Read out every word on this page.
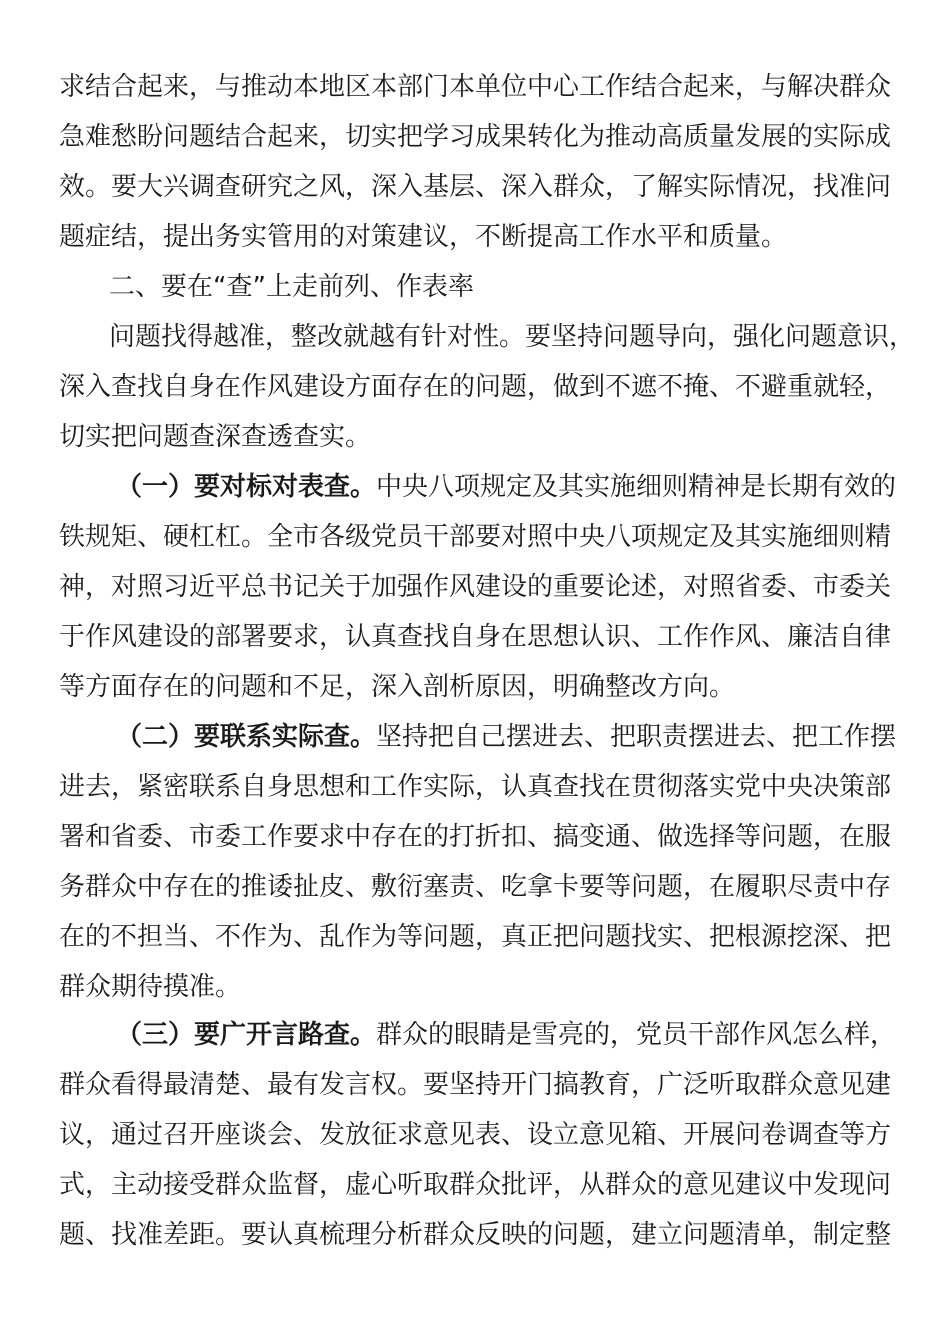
求结合起来，与推动本地区本部门本单位中心工作结合起来，与解决群众
急难愁盼问题结合起来，切实把学习成果转化为推动高质量发展的实际成
效。要大兴调查研究之风，深入基层、深入群众，了解实际情况，找准问
题症结，提出务实管用的对策建议，不断提高工作水平和质量。
二、要在“查”上走前列、作表率
问题找得越准，整改就越有针对性。要坚持问题导向，强化问题意识，
深入查找自身在作风建设方面存在的问题，做到不遮不掩、不避重就轻，
切实把问题查深查透查实。
（一）要对标对表查。中央八项规定及其实施细则精神是长期有效的
铁规矩、硬杠杠。全市各级党员干部要对照中央八项规定及其实施细则精
神，对照习近平总书记关于加强作风建设的重要论述，对照省委、市委关
于作风建设的部署要求，认真查找自身在思想认识、工作作风、廉洁自律
等方面存在的问题和不足，深入剖析原因，明确整改方向。
（二）要联系实际查。坚持把自己摆进去、把职责摆进去、把工作摆
进去，紧密联系自身思想和工作实际，认真查找在贯彻落实党中央决策部
署和省委、市委工作要求中存在的打折扣、搞变通、做选择等问题，在服
务群众中存在的推诿扯皮、敷衍塞责、吃拿卡要等问题，在履职尽责中存
在的不担当、不作为、乱作为等问题，真正把问题找实、把根源挖深、把
群众期待摸准。
（三）要广开言路查。群众的眼睛是雪亮的，党员干部作风怎么样，
群众看得最清楚、最有发言权。要坚持开门搞教育，广泛听取群众意见建
议，通过召开座谈会、发放征求意见表、设立意见箱、开展问卷调查等方
式，主动接受群众监督，虚心听取群众批评，从群众的意见建议中发现问
题、找准差距。要认真梳理分析群众反映的问题，建立问题清单，制定整
